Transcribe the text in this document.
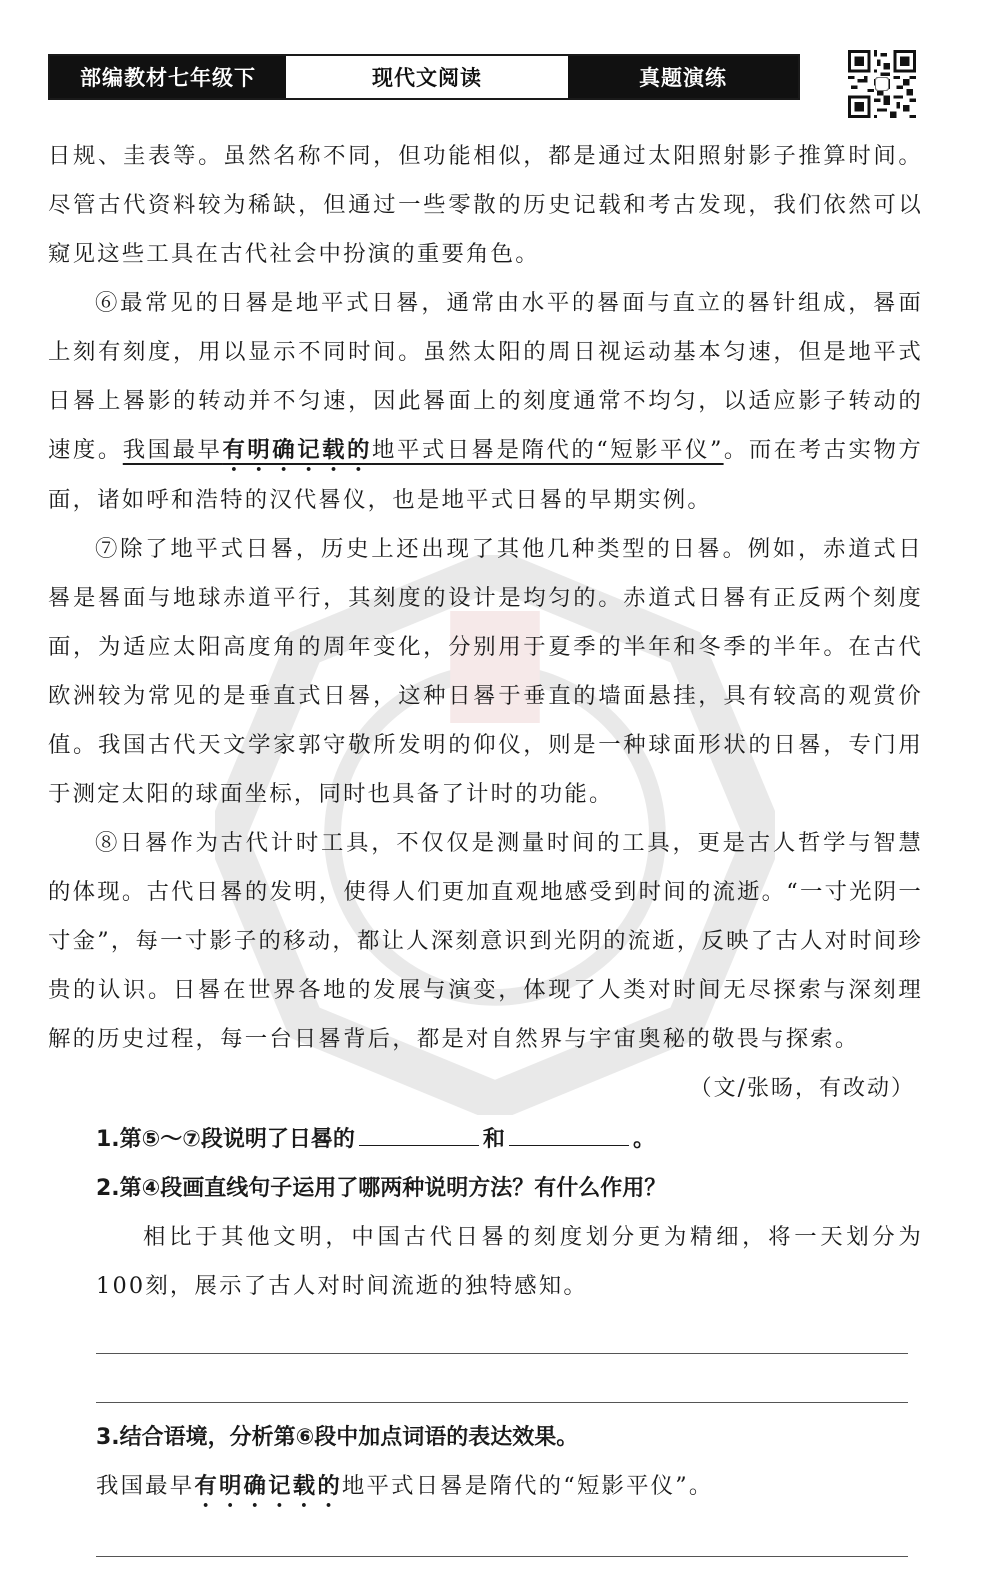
部编教材七年级下	现代文阅读	真题演练

日规、圭表等。虽然名称不同，但功能相似，都是通过太阳照射影子推算时间。尽管古代资料较为稀缺，但通过一些零散的历史记载和考古发现，我们依然可以窥见这些工具在古代社会中扮演的重要角色。

⑥最常见的日晷是地平式日晷，通常由水平的晷面与直立的晷针组成，晷面上刻有刻度，用以显示不同时间。虽然太阳的周日视运动基本匀速，但是地平式日晷上晷影的转动并不匀速，因此晷面上的刻度通常不均匀，以适应影子转动的速度。我国最早有明确记载的地平式日晷是隋代的“短影平仪”。而在考古实物方面，诸如呼和浩特的汉代晷仪，也是地平式日晷的早期实例。

⑦除了地平式日晷，历史上还出现了其他几种类型的日晷。例如，赤道式日晷是晷面与地球赤道平行，其刻度的设计是均匀的。赤道式日晷有正反两个刻度面，为适应太阳高度角的周年变化，分别用于夏季的半年和冬季的半年。在古代欧洲较为常见的是垂直式日晷，这种日晷于垂直的墙面悬挂，具有较高的观赏价值。我国古代天文学家郭守敬所发明的仰仪，则是一种球面形状的日晷，专门用于测定太阳的球面坐标，同时也具备了计时的功能。

⑧日晷作为古代计时工具，不仅仅是测量时间的工具，更是古人哲学与智慧的体现。古代日晷的发明，使得人们更加直观地感受到时间的流逝。“一寸光阴一寸金”，每一寸影子的移动，都让人深刻意识到光阴的流逝，反映了古人对时间珍贵的认识。日晷在世界各地的发展与演变，体现了人类对时间无尽探索与深刻理解的历史过程，每一台日晷背后，都是对自然界与宇宙奥秘的敬畏与探索。

（文/张旸，有改动）

1.第⑤～⑦段说明了日晷的	和	。

2.第④段画直线句子运用了哪两种说明方法？有什么作用？

相比于其他文明，中国古代日晷的刻度划分更为精细，将一天划分为100刻，展示了古人对时间流逝的独特感知。

3.结合语境，分析第⑥段中加点词语的表达效果。

我国最早有明确记载的地平式日晷是隋代的“短影平仪”。
